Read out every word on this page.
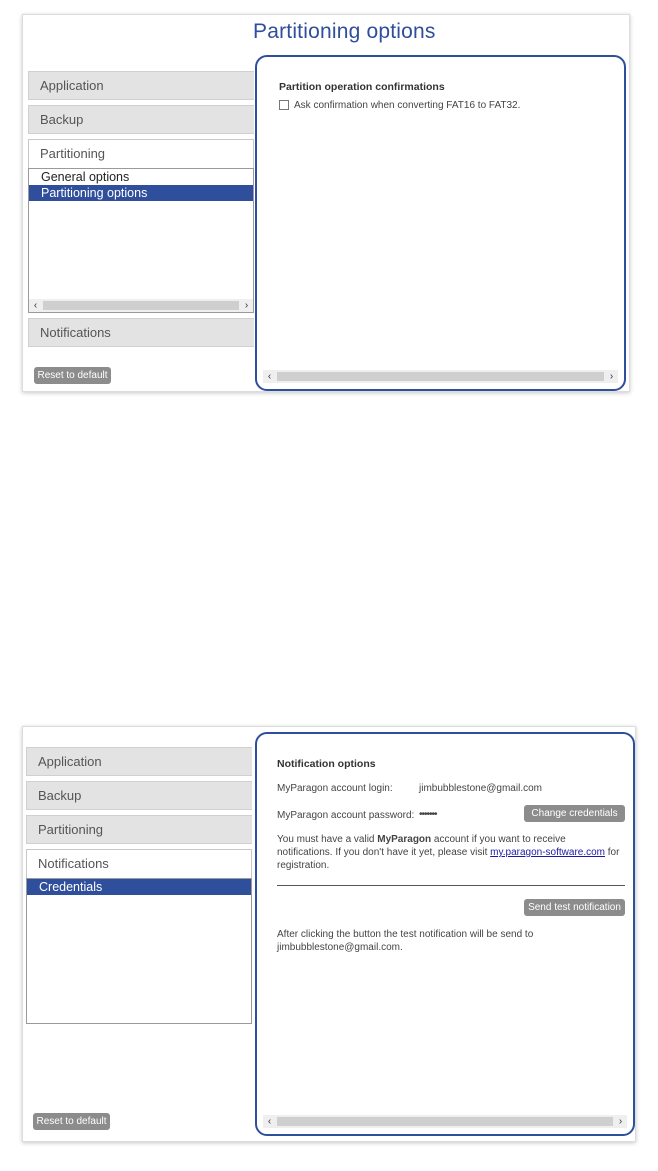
Partitioning options
Application
Backup
Partitioning
General options
Partitioning options
‹	›
Notifications
Reset to default
Partition operation confirmations
Ask confirmation when converting FAT16 to FAT32.
‹	›
Application
Backup
Partitioning
Notifications
Credentials
Reset to default
Notification options
MyParagon account login:	jimbubblestone@gmail.com
MyParagon account password: •••••••	Change credentials
You must have a valid MyParagon account if you want to receive notifications. If you don't have it yet, please visit my.paragon-software.com for registration.
Send test notification
After clicking the button the test notification will be send to jimbubblestone@gmail.com.
‹	›
